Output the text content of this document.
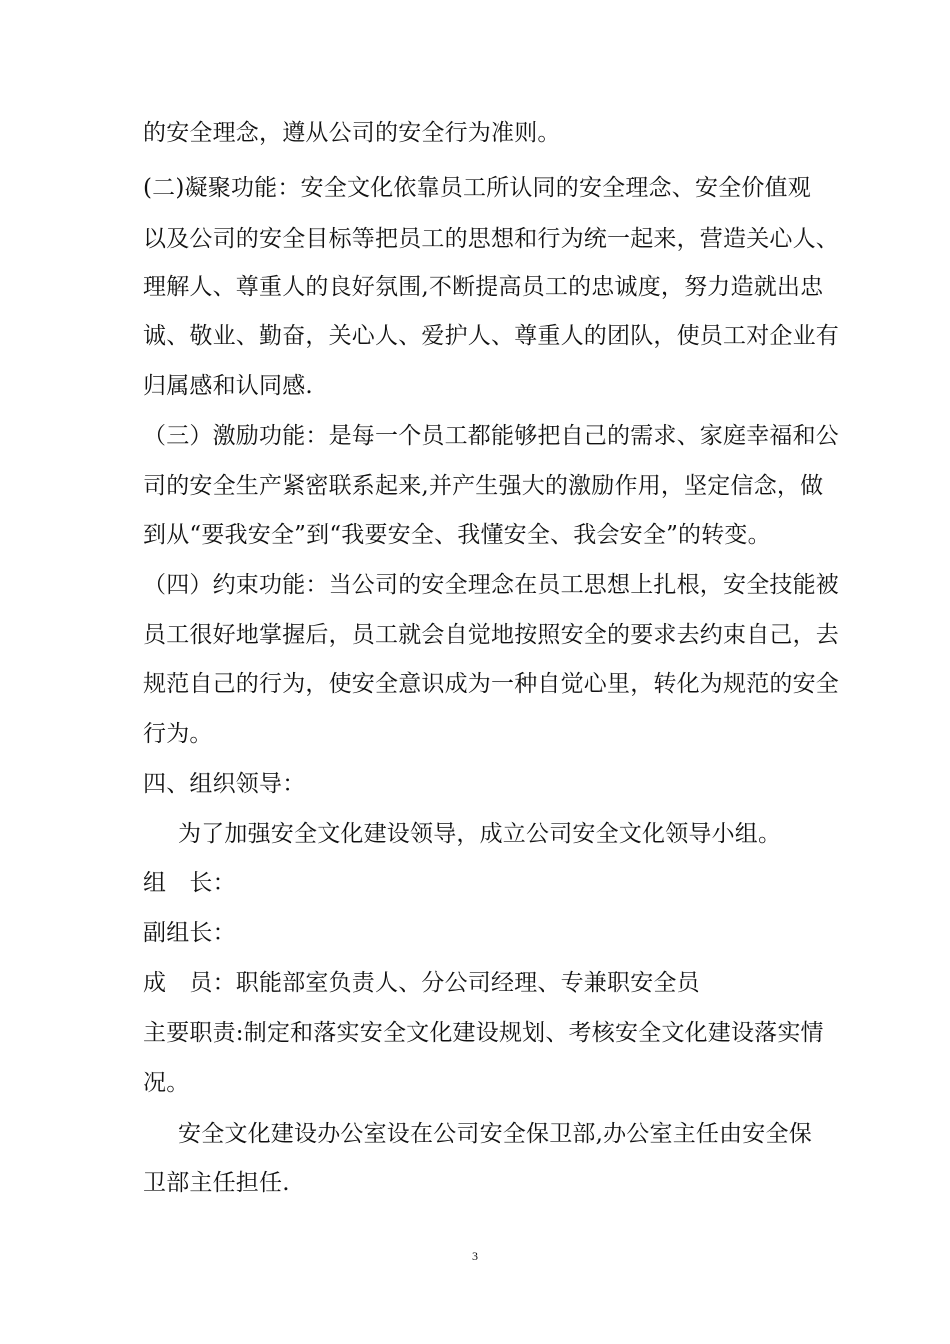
的安全理念，遵从公司的安全行为准则。
(二)凝聚功能：安全文化依靠员工所认同的安全理念、安全价值观
以及公司的安全目标等把员工的思想和行为统一起来，营造关心人、
理解人、尊重人的良好氛围,不断提高员工的忠诚度，努力造就出忠
诚、敬业、勤奋，关心人、爱护人、尊重人的团队，使员工对企业有
归属感和认同感.
（三）激励功能：是每一个员工都能够把自己的需求、家庭幸福和公
司的安全生产紧密联系起来,并产生强大的激励作用，坚定信念，做
到从“要我安全”到“我要安全、我懂安全、我会安全”的转变。
（四）约束功能：当公司的安全理念在员工思想上扎根，安全技能被
员工很好地掌握后，员工就会自觉地按照安全的要求去约束自己，去
规范自己的行为，使安全意识成为一种自觉心里，转化为规范的安全
行为。
四、组织领导：
为了加强安全文化建设领导，成立公司安全文化领导小组。
组　长：
副组长：
成　员：职能部室负责人、分公司经理、专兼职安全员
主要职责:制定和落实安全文化建设规划、考核安全文化建设落实情
况。
安全文化建设办公室设在公司安全保卫部,办公室主任由安全保
卫部主任担任.
3
